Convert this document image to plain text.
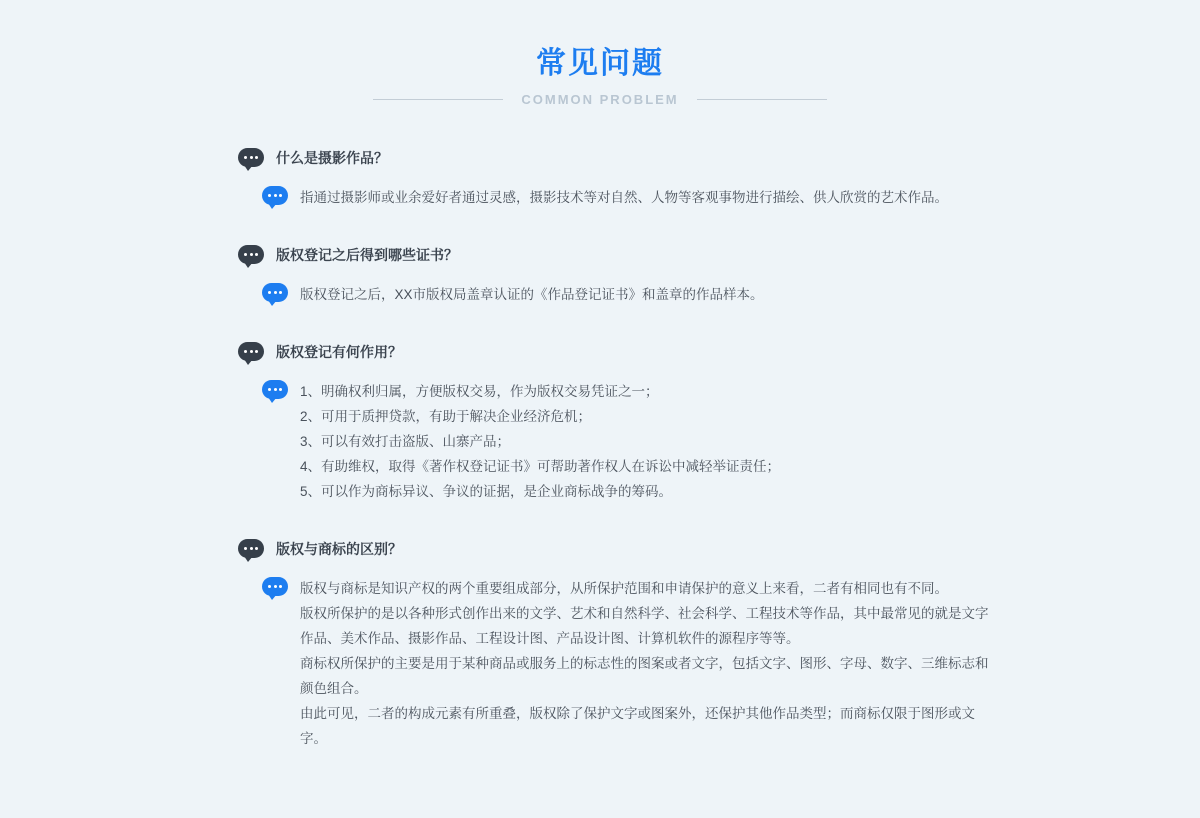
常见问题
COMMON PROBLEM
什么是摄影作品？

指通过摄影师或业余爱好者通过灵感，摄影技术等对自然、人物等客观事物进行描绘、供人欣赏的艺术作品。

版权登记之后得到哪些证书？

版权登记之后，XX市版权局盖章认证的《作品登记证书》和盖章的作品样本。

版权登记有何作用？

1、明确权利归属，方便版权交易，作为版权交易凭证之一；

2、可用于质押贷款，有助于解决企业经济危机；

3、可以有效打击盗版、山寨产品；

4、有助维权，取得《著作权登记证书》可帮助著作权人在诉讼中减轻举证责任；

5、可以作为商标异议、争议的证据，是企业商标战争的筹码。

版权与商标的区别？

版权与商标是知识产权的两个重要组成部分，从所保护范围和申请保护的意义上来看，二者有相同也有不同。

版权所保护的是以各种形式创作出来的文学、艺术和自然科学、社会科学、工程技术等作品，其中最常见的就是文字作品、美术作品、摄影作品、工程设计图、产品设计图、计算机软件的源程序等等。

商标权所保护的主要是用于某种商品或服务上的标志性的图案或者文字，包括文字、图形、字母、数字、三维标志和颜色组合。

由此可见，二者的构成元素有所重叠，版权除了保护文字或图案外，还保护其他作品类型；而商标仅限于图形或文字。
